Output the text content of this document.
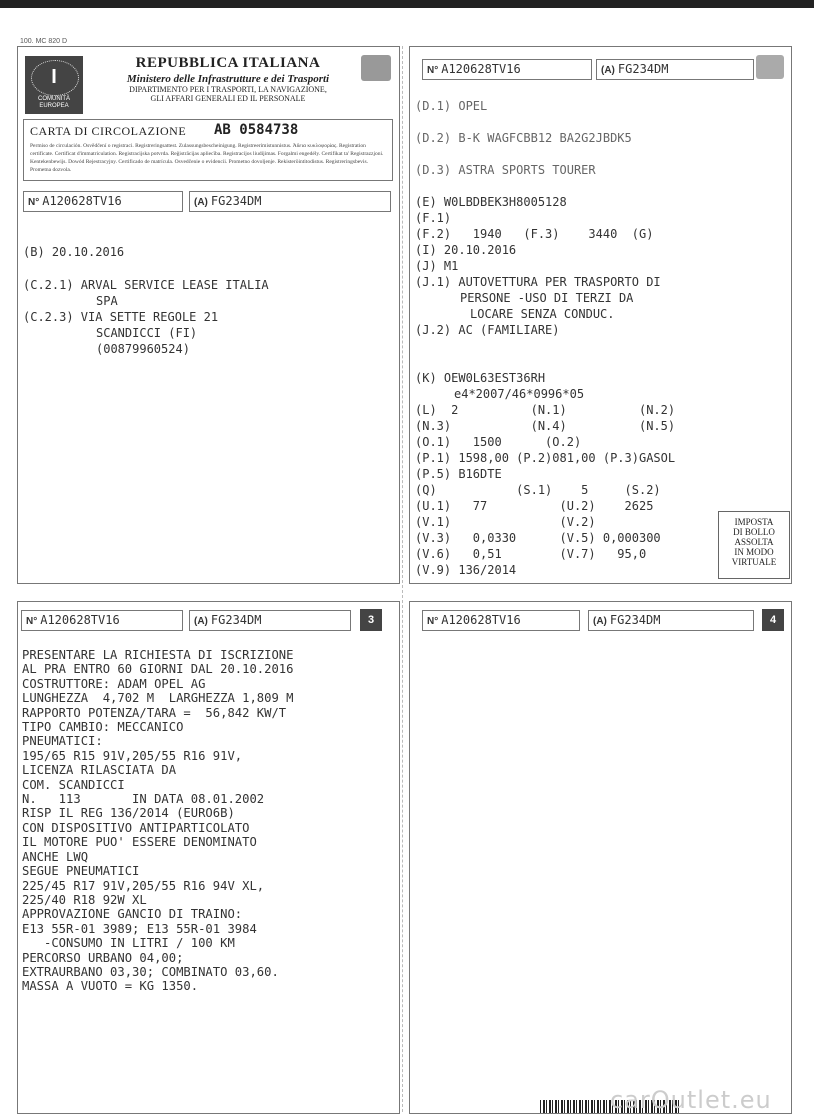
100. MC 820 D
I
COMUNITÀ EUROPEA
REPUBBLICA ITALIANA
Ministero delle Infrastrutture e dei Trasporti
DIPARTIMENTO PER I TRASPORTI, LA NAVIGAZIONE,
GLI AFFARI GENERALI ED IL PERSONALE
CARTA DI CIRCOLAZIONE AB 0584738
Permiso de circulación. Osvědčení o registraci. Registreringsattest. Zulassungsbescheinigung. Registreerimistunnistus. Άδεια κυκλοφορίας. Registration certificate. Certificat d'immatriculation. Registracijska potvrda. Reģistrācijas apliecība. Registracijos liudijimas. Forgalmi engedély. Certifikat ta' Registrazzjoni. Kentekenbewijs. Dowód Rejestracyjny. Certificado de matrícula. Osvedčenie o evidencii. Prometno dovoljenje. Rekisteröintitodistus. Registreringsbevis. Prometna dozvola.
N° A120628TV16	(A) FG234DM
(B) 20.10.2016
(C.2.1) ARVAL SERVICE LEASE ITALIA
SPA
(C.2.3) VIA SETTE REGOLE 21
SCANDICCI (FI)
(00879960524)
N° A120628TV16	(A) FG234DM
(D.1) OPEL
(D.2) B-K WAGFCBB12 BA2G2JBDK5
(D.3) ASTRA SPORTS TOURER
(E) W0LBDBEK3H8005128
(F.1)
(F.2)   1940   (F.3)    3440  (G)
(I) 20.10.2016
(J) M1
(J.1) AUTOVETTURA PER TRASPORTO DI
PERSONE -USO DI TERZI DA
LOCARE SENZA CONDUC.
(J.2) AC (FAMILIARE)
(K) OEW0L63EST36RH
e4*2007/46*0996*05
(L)  2          (N.1)          (N.2)
(N.3)           (N.4)          (N.5)
(O.1)   1500      (O.2)
(P.1) 1598,00 (P.2)081,00 (P.3)GASOL
(P.5) B16DTE
(Q)           (S.1)    5     (S.2)
(U.1)   77          (U.2)    2625
(V.1)               (V.2)
(V.3)   0,0330      (V.5) 0,000300
(V.6)   0,51        (V.7)   95,0
(V.9) 136/2014
IMPOSTA
DI BOLLO
ASSOLTA
IN MODO
VIRTUALE
N° A120628TV16	(A) FG234DM	3
PRESENTARE LA RICHIESTA DI ISCRIZIONE
AL PRA ENTRO 60 GIORNI DAL 20.10.2016
COSTRUTTORE: ADAM OPEL AG
LUNGHEZZA  4,702 M  LARGHEZZA 1,809 M
RAPPORTO POTENZA/TARA =  56,842 KW/T
TIPO CAMBIO: MECCANICO
PNEUMATICI:
195/65 R15 91V,205/55 R16 91V,
LICENZA RILASCIATA DA
COM. SCANDICCI
N.   113       IN DATA 08.01.2002
RISP IL REG 136/2014 (EURO6B)
CON DISPOSITIVO ANTIPARTICOLATO
IL MOTORE PUO' ESSERE DENOMINATO
ANCHE LWQ
SEGUE PNEUMATICI
225/45 R17 91V,205/55 R16 94V XL,
225/40 R18 92W XL
APPROVAZIONE GANCIO DI TRAINO:
E13 55R-01 3989; E13 55R-01 3984
-CONSUMO IN LITRI / 100 KM
PERCORSO URBANO 04,00;
EXTRAURBANO 03,30; COMBINATO 03,60.
MASSA A VUOTO = KG 1350.
N° A120628TV16	(A) FG234DM	4
carOutlet.eu
